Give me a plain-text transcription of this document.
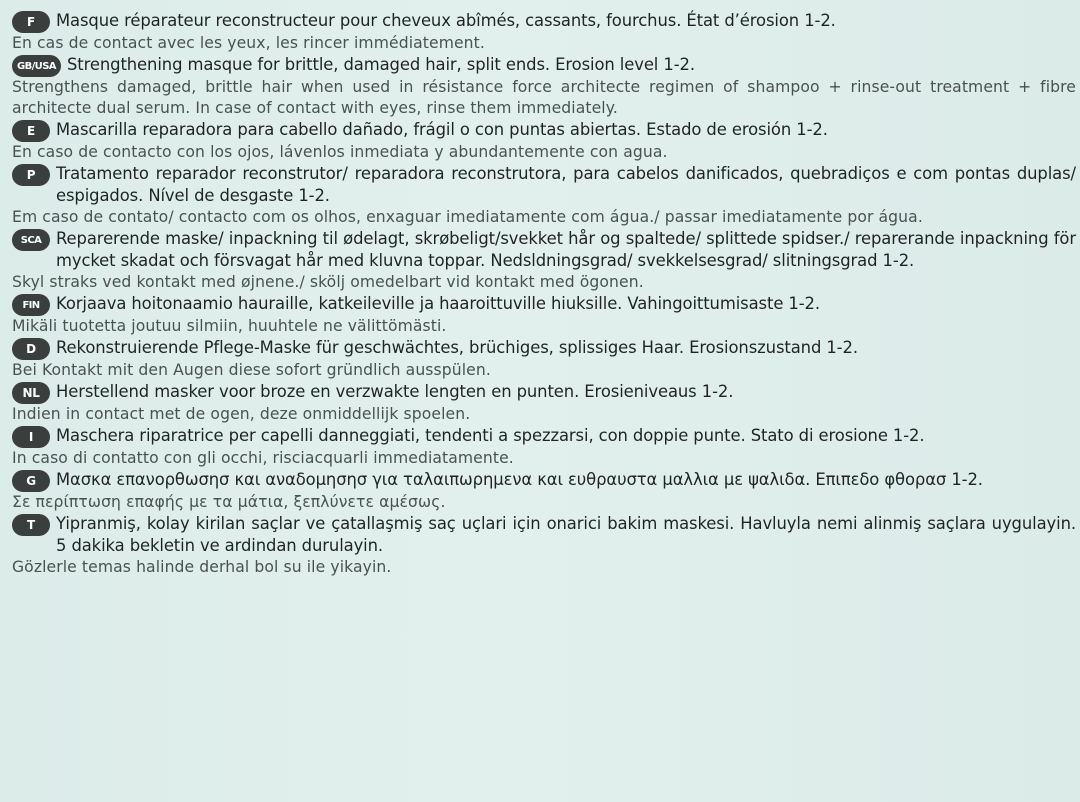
F	Masque réparateur reconstructeur pour cheveux abîmés, cassants, fourchus. État d’érosion 1-2.
En cas de contact avec les yeux, les rincer immédiatement.
GB/USA Strengthening masque for brittle, damaged hair, split ends. Erosion level 1-2.
Strengthens damaged, brittle hair when used in résistance force architecte regimen of shampoo + rinse-out treatment + fibre architecte dual serum. In case of contact with eyes, rinse them immediately.
E	Mascarilla reparadora para cabello dañado, frágil o con puntas abiertas. Estado de erosión 1-2.
En caso de contacto con los ojos, lávenlos inmediata y abundantemente con agua.
P	Tratamento reparador reconstrutor/ reparadora reconstrutora, para cabelos danificados, quebradiços e com pontas duplas/ espigados. Nível de desgaste 1-2.
Em caso de contato/ contacto com os olhos, enxaguar imediatamente com água./ passar imediatamente por água.
SCA Reparerende maske/ inpackning til ødelagt, skrøbeligt/svekket hår og spaltede/ splittede spidser./ reparerande inpackning för mycket skadat och försvagat hår med kluvna toppar. Nedsldningsgrad/ svekkelsesgrad/ slitningsgrad 1-2.
Skyl straks ved kontakt med øjnene./ skölj omedelbart vid kontakt med ögonen.
FIN	Korjaava hoitonaamio hauraille, katkeileville ja haaroittuville hiuksille. Vahingoittumisaste 1-2.
Mikäli tuotetta joutuu silmiin, huuhtele ne välittömästi.
D	Rekonstruierende Pflege-Maske für geschwächtes, brüchiges, splissiges Haar. Erosionszustand 1-2.
Bei Kontakt mit den Augen diese sofort gründlich ausspülen.
NL	Herstellend masker voor broze en verzwakte lengten en punten. Erosieniveaus 1-2.
Indien in contact met de ogen, deze onmiddellijk spoelen.
I	Maschera riparatrice per capelli danneggiati, tendenti a spezzarsi, con doppie punte. Stato di erosione 1-2.
In caso di contatto con gli occhi, risciacquarli immediatamente.
G	Μασκα επανορθωσησ και αναδομησησ για ταλαιπωρημενα και ευθραυστα μαλλια με ψαλιδα. Επιπεδο φθορασ 1-2.
Σε περίπτωση επαφής με τα μάτια, ξεπλύνετε αμέσως.
T	Yipranmiş, kolay kirilan saçlar ve çatallaşmiş saç uçlari için onarici bakim maskesi. Havluyla nemi alinmiş saçlara uygulayin. 5 dakika bekletin ve ardindan durulayin.
Gözlerle temas halinde derhal bol su ile yikayin.
